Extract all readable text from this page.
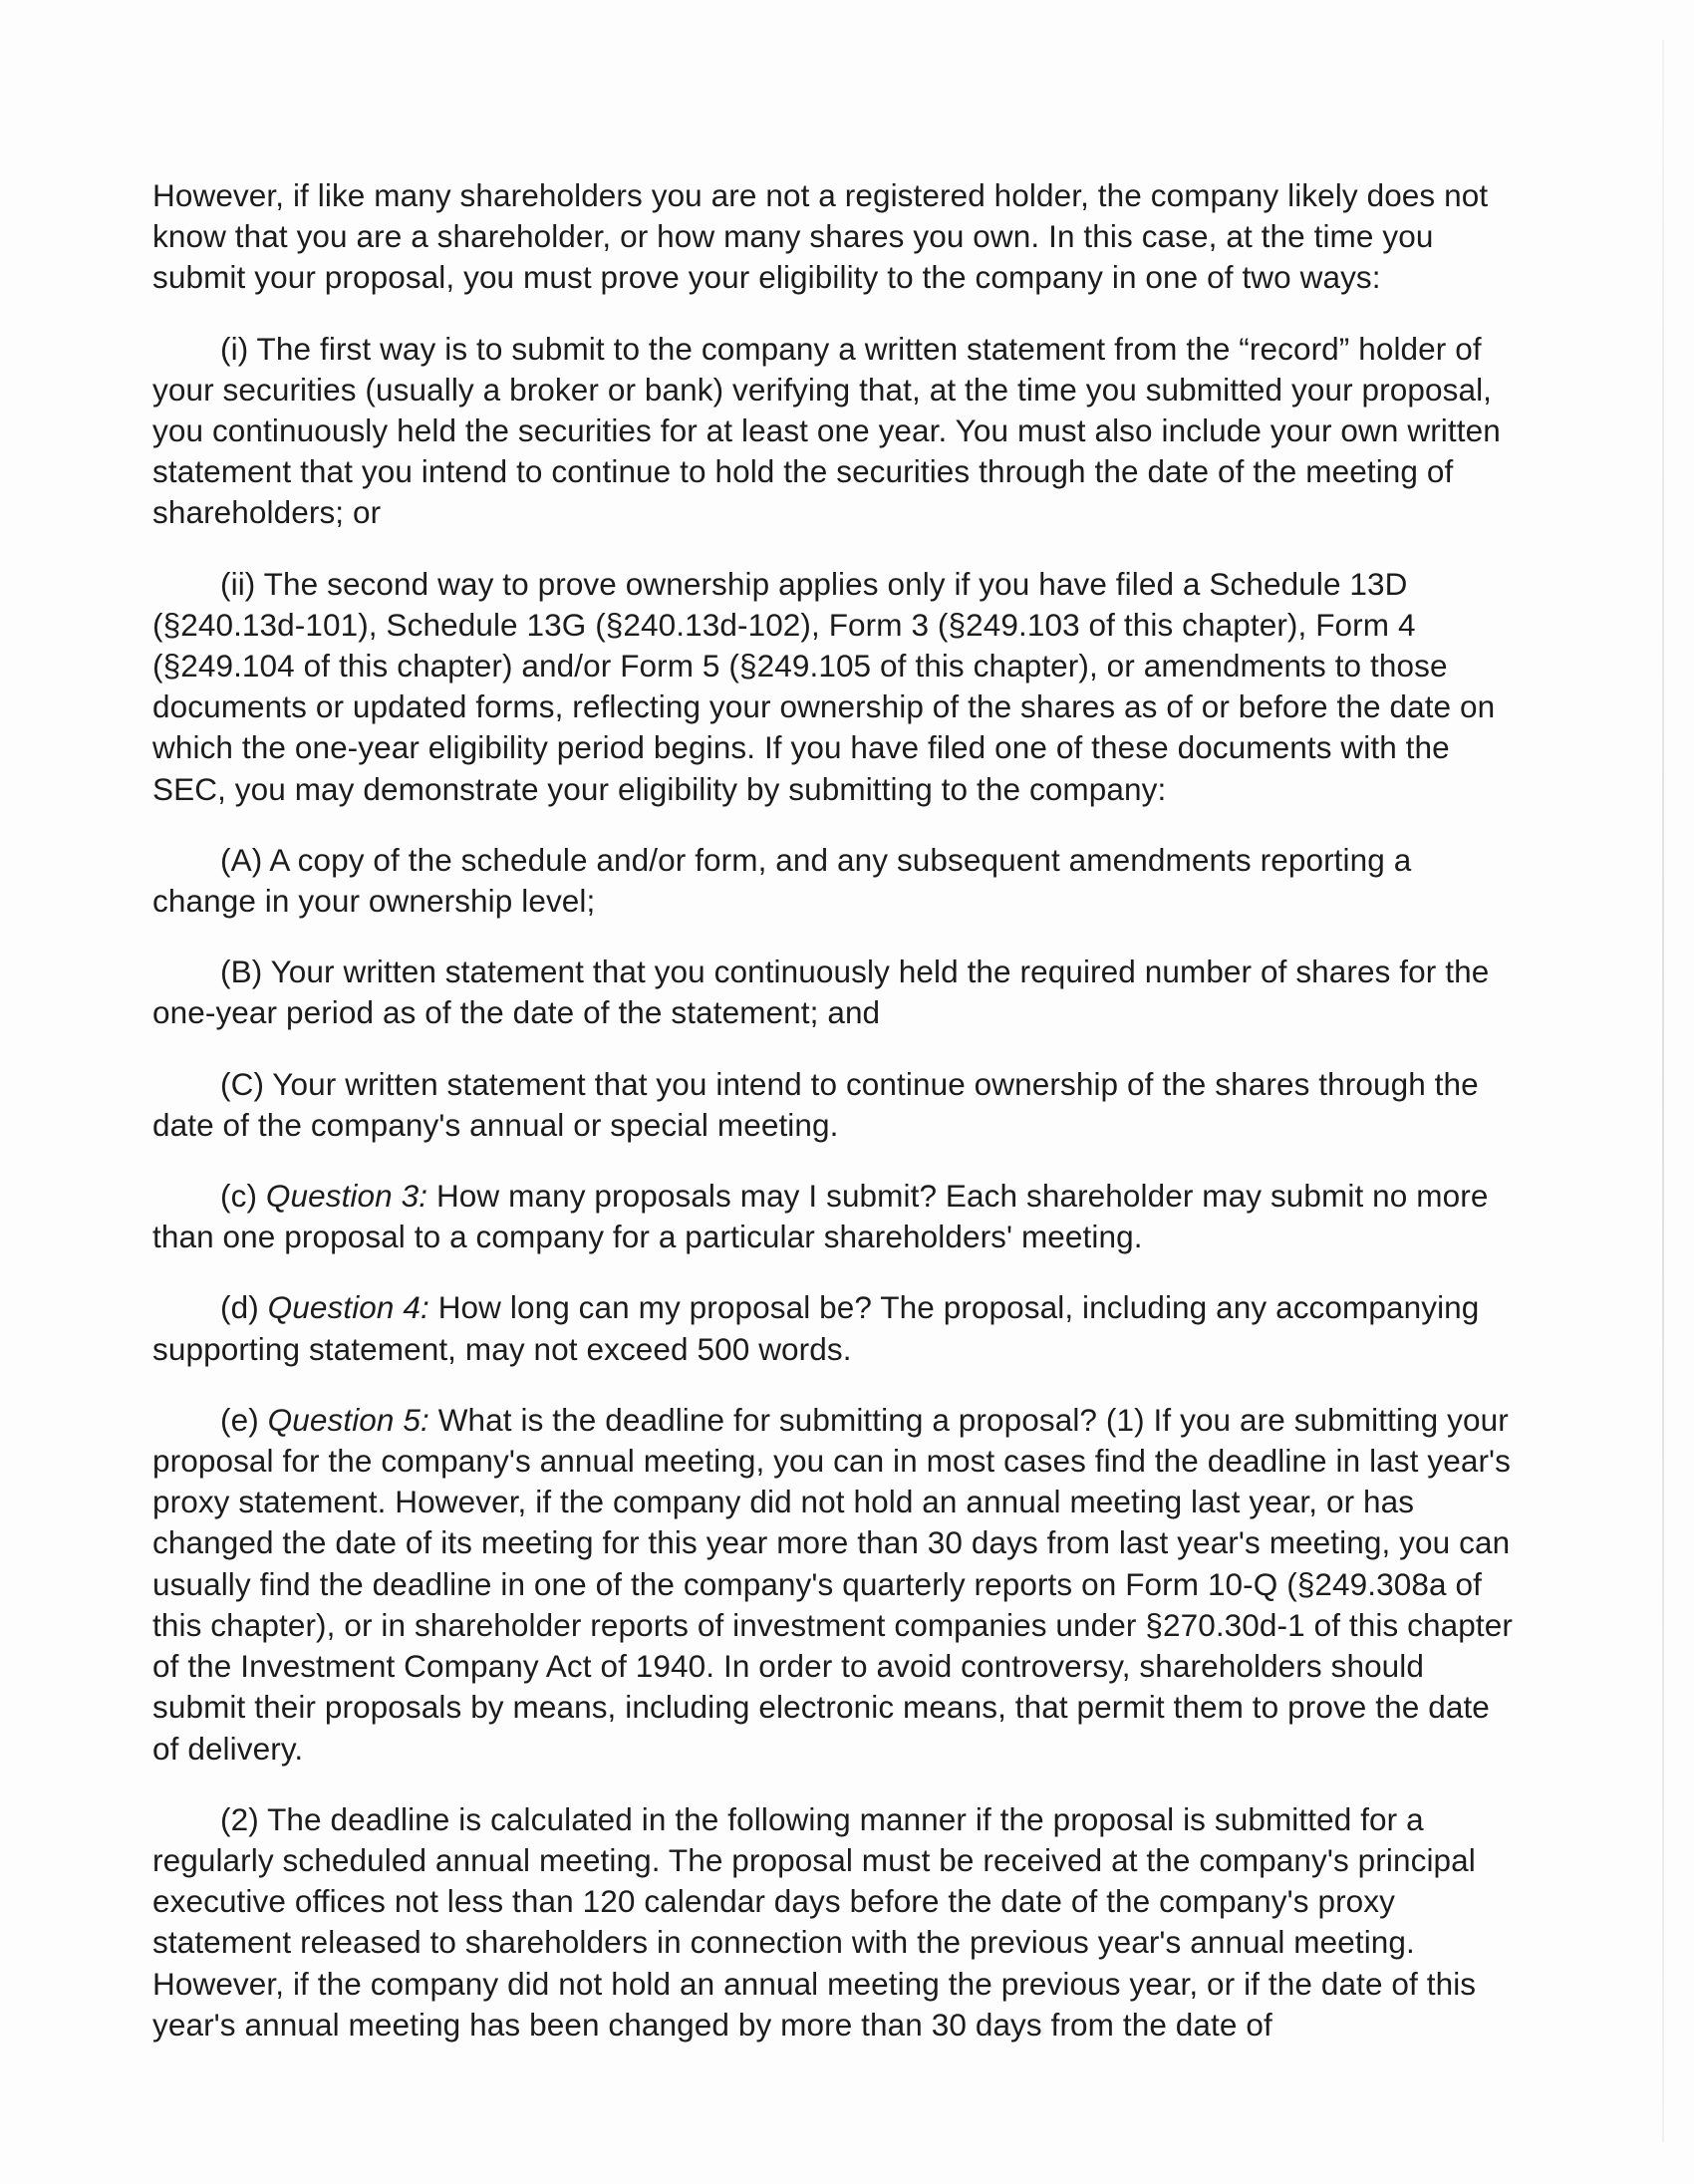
However, if like many shareholders you are not a registered holder, the company likely does not know that you are a shareholder, or how many shares you own. In this case, at the time you submit your proposal, you must prove your eligibility to the company in one of two ways:

(i) The first way is to submit to the company a written statement from the “record” holder of your securities (usually a broker or bank) verifying that, at the time you submitted your proposal, you continuously held the securities for at least one year. You must also include your own written statement that you intend to continue to hold the securities through the date of the meeting of shareholders; or

(ii) The second way to prove ownership applies only if you have filed a Schedule 13D (§240.13d-101), Schedule 13G (§240.13d-102), Form 3 (§249.103 of this chapter), Form 4 (§249.104 of this chapter) and/or Form 5 (§249.105 of this chapter), or amendments to those documents or updated forms, reflecting your ownership of the shares as of or before the date on which the one-year eligibility period begins. If you have filed one of these documents with the SEC, you may demonstrate your eligibility by submitting to the company:

(A) A copy of the schedule and/or form, and any subsequent amendments reporting a change in your ownership level;

(B) Your written statement that you continuously held the required number of shares for the one-year period as of the date of the statement; and

(C) Your written statement that you intend to continue ownership of the shares through the date of the company's annual or special meeting.

(c) Question 3: How many proposals may I submit? Each shareholder may submit no more than one proposal to a company for a particular shareholders' meeting.

(d) Question 4: How long can my proposal be? The proposal, including any accompanying supporting statement, may not exceed 500 words.

(e) Question 5: What is the deadline for submitting a proposal? (1) If you are submitting your proposal for the company's annual meeting, you can in most cases find the deadline in last year's proxy statement. However, if the company did not hold an annual meeting last year, or has changed the date of its meeting for this year more than 30 days from last year's meeting, you can usually find the deadline in one of the company's quarterly reports on Form 10-Q (§249.308a of this chapter), or in shareholder reports of investment companies under §270.30d-1 of this chapter of the Investment Company Act of 1940. In order to avoid controversy, shareholders should submit their proposals by means, including electronic means, that permit them to prove the date of delivery.

(2) The deadline is calculated in the following manner if the proposal is submitted for a regularly scheduled annual meeting. The proposal must be received at the company's principal executive offices not less than 120 calendar days before the date of the company's proxy statement released to shareholders in connection with the previous year's annual meeting. However, if the company did not hold an annual meeting the previous year, or if the date of this year's annual meeting has been changed by more than 30 days from the date of
